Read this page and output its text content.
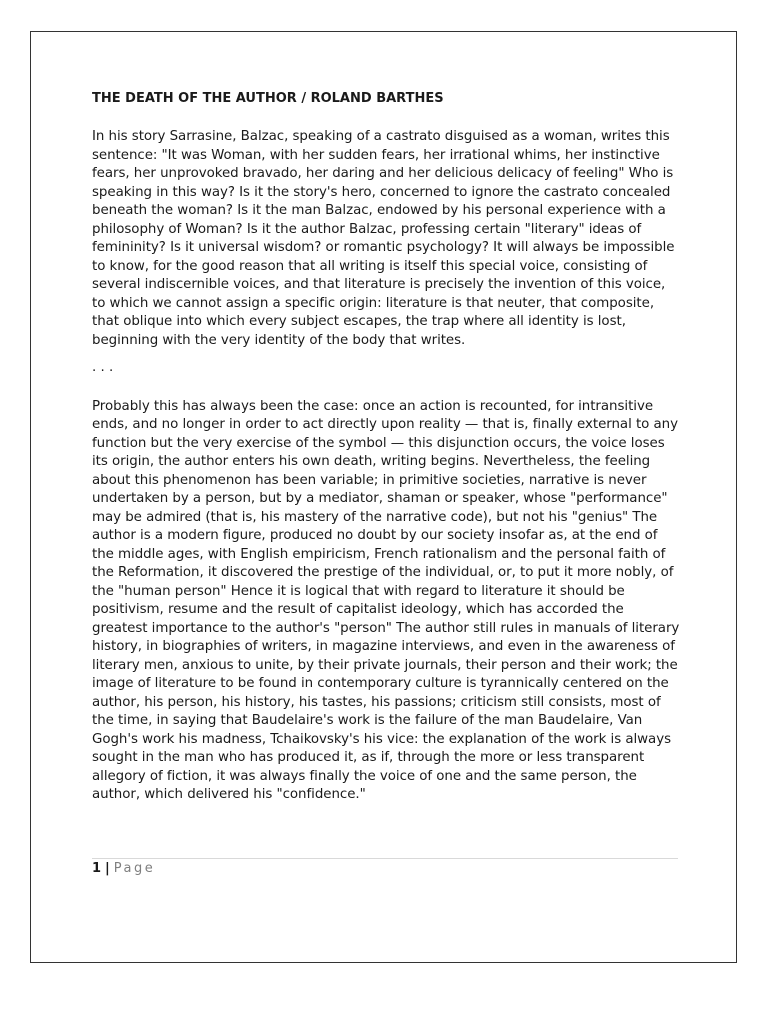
THE DEATH OF THE AUTHOR / ROLAND BARTHES

In his story Sarrasine, Balzac, speaking of a castrato disguised as a woman, writes this sentence: "It was Woman, with her sudden fears, her irrational whims, her instinctive fears, her unprovoked bravado, her daring and her delicious delicacy of feeling" Who is speaking in this way? Is it the story's hero, concerned to ignore the castrato concealed beneath the woman? Is it the man Balzac, endowed by his personal experience with a philosophy of Woman? Is it the author Balzac, professing certain "literary" ideas of femininity? Is it universal wisdom? or romantic psychology? It will always be impossible to know, for the good reason that all writing is itself this special voice, consisting of several indiscernible voices, and that literature is precisely the invention of this voice, to which we cannot assign a specific origin: literature is that neuter, that composite, that oblique into which every subject escapes, the trap where all identity is lost, beginning with the very identity of the body that writes.

. . .

Probably this has always been the case: once an action is recounted, for intransitive ends, and no longer in order to act directly upon reality — that is, finally external to any function but the very exercise of the symbol — this disjunction occurs, the voice loses its origin, the author enters his own death, writing begins. Nevertheless, the feeling about this phenomenon has been variable; in primitive societies, narrative is never undertaken by a person, but by a mediator, shaman or speaker, whose "performance" may be admired (that is, his mastery of the narrative code), but not his "genius" The author is a modern figure, produced no doubt by our society insofar as, at the end of the middle ages, with English empiricism, French rationalism and the personal faith of the Reformation, it discovered the prestige of the individual, or, to put it more nobly, of the "human person" Hence it is logical that with regard to literature it should be positivism, resume and the result of capitalist ideology, which has accorded the greatest importance to the author's "person" The author still rules in manuals of literary history, in biographies of writers, in magazine interviews, and even in the awareness of literary men, anxious to unite, by their private journals, their person and their work; the image of literature to be found in contemporary culture is tyrannically centered on the author, his person, his history, his tastes, his passions; criticism still consists, most of the time, in saying that Baudelaire's work is the failure of the man Baudelaire, Van Gogh's work his madness, Tchaikovsky's his vice: the explanation of the work is always sought in the man who has produced it, as if, through the more or less transparent allegory of fiction, it was always finally the voice of one and the same person, the author, which delivered his "confidence."

1 | Page
